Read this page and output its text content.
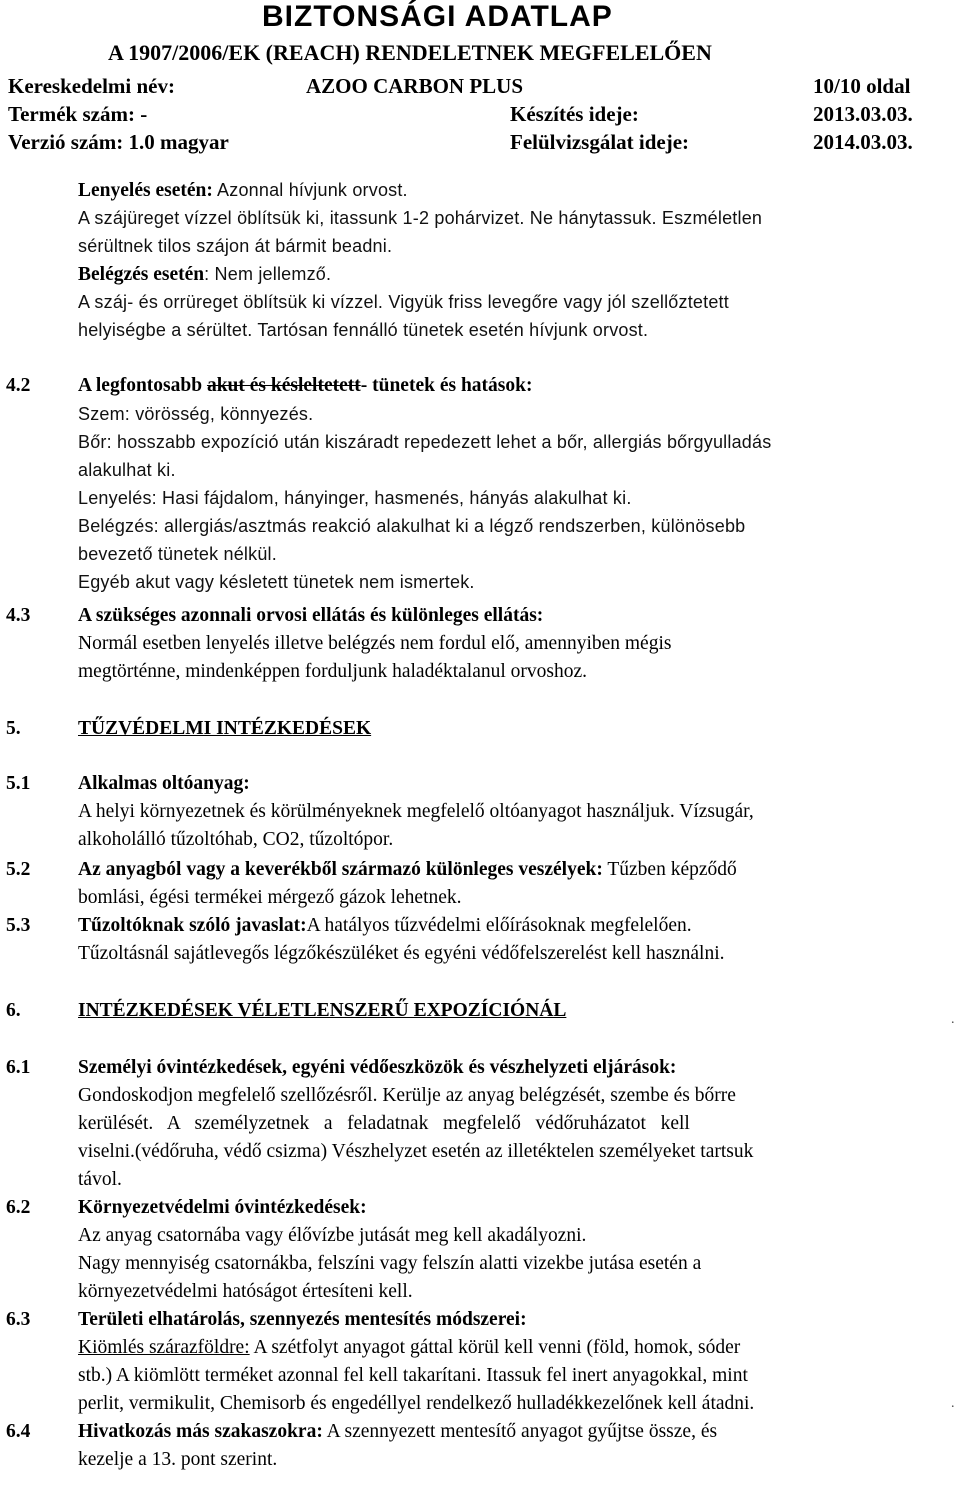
BIZTONSÁGI ADATLAP
A 1907/2006/EK (REACH) RENDELETNEK MEGFELELŐEN
Kereskedelmi név:	AZOO CARBON PLUS	10/10 oldal
Termék szám: -	Készítés ideje:	2013.03.03.
Verzió szám: 1.0 magyar	Felülvizsgálat ideje:	2014.03.03.
Lenyelés esetén: Azonnal hívjunk orvost.
A szájüreget vízzel öblítsük ki, itassunk 1-2 pohárvizet. Ne hánytassuk. Eszméletlen
sérültnek tilos szájon át bármit beadni.
Belégzés esetén: Nem jellemző.
A száj- és orrüreget öblítsük ki vízzel. Vigyük friss levegőre vagy jól szellőztetett
helyiségbe a sérültet. Tartósan fennálló tünetek esetén hívjunk orvost.
4.2 A legfontosabb akut és késleltetett- tünetek és hatások:
Szem: vörösség, könnyezés.
Bőr: hosszabb expozíció után kiszáradt repedezett lehet a bőr, allergiás bőrgyulladás
alakulhat ki.
Lenyelés: Hasi fájdalom, hányinger, hasmenés, hányás alakulhat ki.
Belégzés: allergiás/asztmás reakció alakulhat ki a légző rendszerben, különösebb
bevezető tünetek nélkül.
Egyéb akut vagy késletett tünetek nem ismertek.
4.3 A szükséges azonnali orvosi ellátás és különleges ellátás:
Normál esetben lenyelés illetve belégzés nem fordul elő, amennyiben mégis
megtörténne, mindenképpen forduljunk haladéktalanul orvoshoz.
5.	TŰZVÉDELMI INTÉZKEDÉSEK
5.1 Alkalmas oltóanyag:
A helyi környezetnek és körülményeknek megfelelő oltóanyagot használjuk. Vízsugár,
alkoholálló tűzoltóhab, CO2, tűzoltópor.
5.2 Az anyagból vagy a keverékből származó különleges veszélyek: Tűzben képződő
bomlási, égési termékei mérgező gázok lehetnek.
5.3 Tűzoltóknak szóló javaslat:A hatályos tűzvédelmi előírásoknak megfelelően.
Tűzoltásnál sajátlevegős légzőkészüléket és egyéni védőfelszerelést kell használni.
6.	INTÉZKEDÉSEK VÉLETLENSZERŰ EXPOZÍCIÓNÁL	.
6.1 Személyi óvintézkedések, egyéni védőeszközök és vészhelyzeti eljárások:
Gondoskodjon megfelelő szellőzésről. Kerülje az anyag belégzését, szembe és bőrre
kerülését.   A   személyzetnek   a   feladatnak   megfelelő   védőruházatot   kell
viselni.(védőruha, védő csizma) Vészhelyzet esetén az illetéktelen személyeket tartsuk
távol.
6.2 Környezetvédelmi óvintézkedések:
Az anyag csatornába vagy élővízbe jutását meg kell akadályozni.
Nagy mennyiség csatornákba, felszíni vagy felszín alatti vizekbe jutása esetén a
környezetvédelmi hatóságot értesíteni kell.
6.3 Területi elhatárolás, szennyezés mentesítés módszerei:
Kiömlés szárazföldre: A szétfolyt anyagot gáttal körül kell venni (föld, homok, sóder
stb.) A kiömlött terméket azonnal fel kell takarítani. Itassuk fel inert anyagokkal, mint
perlit, vermikulit, Chemisorb és engedéllyel rendelkező hulladékkezelőnek kell átadni.	.
6.4 Hivatkozás más szakaszokra: A szennyezett mentesítő anyagot gyűjtse össze, és
kezelje a 13. pont szerint.
